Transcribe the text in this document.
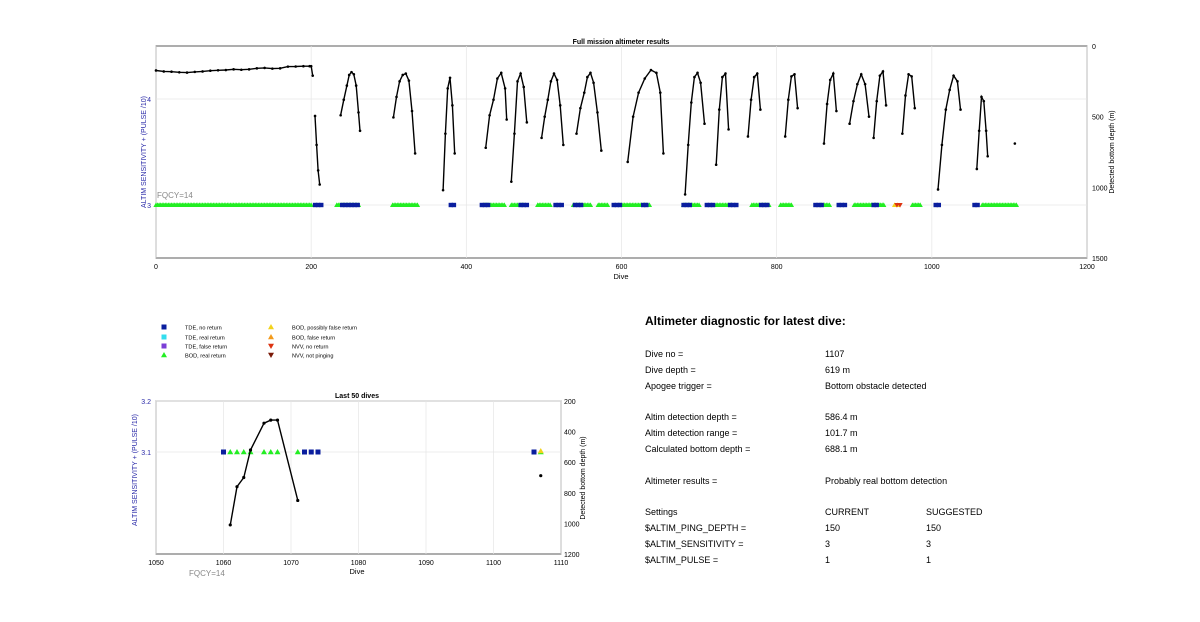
Full mission altimeter results
Dive
ALTIM SENSITIVITY + (PULSE /10)	Detected bottom depth (m)
FQCY=14
0	200	400	600	800	1000	1200
4
3
0
500
1000
1500
TDE, no return
TDE, real return
TDE, false return
BOD, real return
BOD, possibly false return
BOD, false return
NVV, no return
NVV, not pinging
Last 50 dives
Dive
ALTIM SENSITIVITY + (PULSE /10)	Detected bottom depth (m)
FQCY=14
1050	1060	1070	1080	1090	1100	1110
3.2
3.1
200
400
600
800
1000
1200
Altimeter diagnostic for latest dive:
Dive no =	1107
Dive depth =	619 m
Apogee trigger =	Bottom obstacle detected
Altim detection depth =	586.4 m
Altim detection range =	101.7 m
Calculated bottom depth =	688.1 m
Altimeter results =	Probably real bottom detection
Settings	CURRENT	SUGGESTED
$ALTIM_PING_DEPTH =	150	150
$ALTIM_SENSITIVITY =	3	3
$ALTIM_PULSE =	1	1
